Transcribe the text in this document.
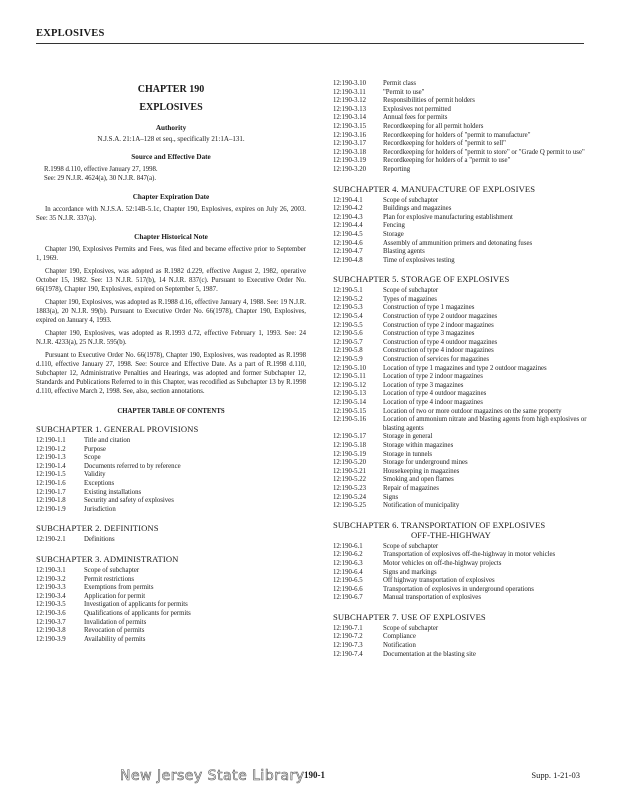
EXPLOSIVES
CHAPTER 190
EXPLOSIVES
Authority
N.J.S.A. 21:1A–128 et seq., specifically 21:1A–131.
Source and Effective Date
R.1998 d.110, effective January 27, 1998.
See: 29 N.J.R. 4624(a), 30 N.J.R. 847(a).
Chapter Expiration Date
In accordance with N.J.S.A. 52:14B-5.1c, Chapter 190, Explosives, expires on July 26, 2003. See: 35 N.J.R. 337(a).
Chapter Historical Note
Chapter 190, Explosives Permits and Fees, was filed and became effective prior to September 1, 1969.
Chapter 190, Explosives, was adopted as R.1982 d.229, effective August 2, 1982, operative October 15, 1982. See: 13 N.J.R. 517(b), 14 N.J.R. 837(c). Pursuant to Executive Order No. 66(1978), Chapter 190, Explosives, expired on September 5, 1987.
Chapter 190, Explosives, was adopted as R.1988 d.16, effective January 4, 1988. See: 19 N.J.R. 1883(a), 20 N.J.R. 99(b). Pursuant to Executive Order No. 66(1978), Chapter 190, Explosives, expired on January 4, 1993.
Chapter 190, Explosives, was adopted as R.1993 d.72, effective February 1, 1993. See: 24 N.J.R. 4233(a), 25 N.J.R. 595(b).
Pursuant to Executive Order No. 66(1978), Chapter 190, Explosives, was readopted as R.1998 d.110, effective January 27, 1998. See: Source and Effective Date. As a part of R.1998 d.110, Subchapter 12, Administrative Penalties and Hearings, was adopted and former Subchapter 12, Standards and Publications Referred to in this Chapter, was recodified as Subchapter 13 by R.1998 d.110, effective March 2, 1998. See, also, section annotations.
CHAPTER TABLE OF CONTENTS
SUBCHAPTER 1. GENERAL PROVISIONS
12:190-1.1	Title and citation
12:190-1.2	Purpose
12:190-1.3	Scope
12:190-1.4	Documents referred to by reference
12:190-1.5	Validity
12:190-1.6	Exceptions
12:190-1.7	Existing installations
12:190-1.8	Security and safety of explosives
12:190-1.9	Jurisdiction
SUBCHAPTER 2. DEFINITIONS
12:190-2.1	Definitions
SUBCHAPTER 3. ADMINISTRATION
12:190-3.1	Scope of subchapter
12:190-3.2	Permit restrictions
12:190-3.3	Exemptions from permits
12:190-3.4	Application for permit
12:190-3.5	Investigation of applicants for permits
12:190-3.6	Qualifications of applicants for permits
12:190-3.7	Invalidation of permits
12:190-3.8	Revocation of permits
12:190-3.9	Availability of permits
12:190-3.10	Permit class
12:190-3.11	"Permit to use"
12:190-3.12	Responsibilities of permit holders
12:190-3.13	Explosives not permitted
12:190-3.14	Annual fees for permits
12:190-3.15	Recordkeeping for all permit holders
12:190-3.16	Recordkeeping for holders of "permit to manufacture"
12:190-3.17	Recordkeeping for holders of "permit to sell"
12:190-3.18	Recordkeeping for holders of "permit to store" or "Grade Q permit to use"
12:190-3.19	Recordkeeping for holders of a "permit to use"
12:190-3.20	Reporting
SUBCHAPTER 4. MANUFACTURE OF EXPLOSIVES
12:190-4.1	Scope of subchapter
12:190-4.2	Buildings and magazines
12:190-4.3	Plan for explosive manufacturing establishment
12:190-4.4	Fencing
12:190-4.5	Storage
12:190-4.6	Assembly of ammunition primers and detonating fuses
12:190-4.7	Blasting agents
12:190-4.8	Time of explosives testing
SUBCHAPTER 5. STORAGE OF EXPLOSIVES
12:190-5.1	Scope of subchapter
12:190-5.2	Types of magazines
12:190-5.3	Construction of type 1 magazines
12:190-5.4	Construction of type 2 outdoor magazines
12:190-5.5	Construction of type 2 indoor magazines
12:190-5.6	Construction of type 3 magazines
12:190-5.7	Construction of type 4 outdoor magazines
12:190-5.8	Construction of type 4 indoor magazines
12:190-5.9	Construction of services for magazines
12:190-5.10	Location of type 1 magazines and type 2 outdoor magazines
12:190-5.11	Location of type 2 indoor magazines
12:190-5.12	Location of type 3 magazines
12:190-5.13	Location of type 4 outdoor magazines
12:190-5.14	Location of type 4 indoor magazines
12:190-5.15	Location of two or more outdoor magazines on the same property
12:190-5.16	Location of ammonium nitrate and blasting agents from high explosives or blasting agents
12:190-5.17	Storage in general
12:190-5.18	Storage within magazines
12:190-5.19	Storage in tunnels
12:190-5.20	Storage for underground mines
12:190-5.21	Housekeeping in magazines
12:190-5.22	Smoking and open flames
12:190-5.23	Repair of magazines
12:190-5.24	Signs
12:190-5.25	Notification of municipality
SUBCHAPTER 6. TRANSPORTATION OF EXPLOSIVES
OFF-THE-HIGHWAY
12:190-6.1	Scope of subchapter
12:190-6.2	Transportation of explosives off-the-highway in motor vehicles
12:190-6.3	Motor vehicles on off-the-highway projects
12:190-6.4	Signs and markings
12:190-6.5	Off highway transportation of explosives
12:190-6.6	Transportation of explosives in underground operations
12:190-6.7	Manual transportation of explosives
SUBCHAPTER 7. USE OF EXPLOSIVES
12:190-7.1	Scope of subchapter
12:190-7.2	Compliance
12:190-7.3	Notification
12:190-7.4	Documentation at the blasting site
New Jersey State Library 190-1	Supp. 1-21-03
